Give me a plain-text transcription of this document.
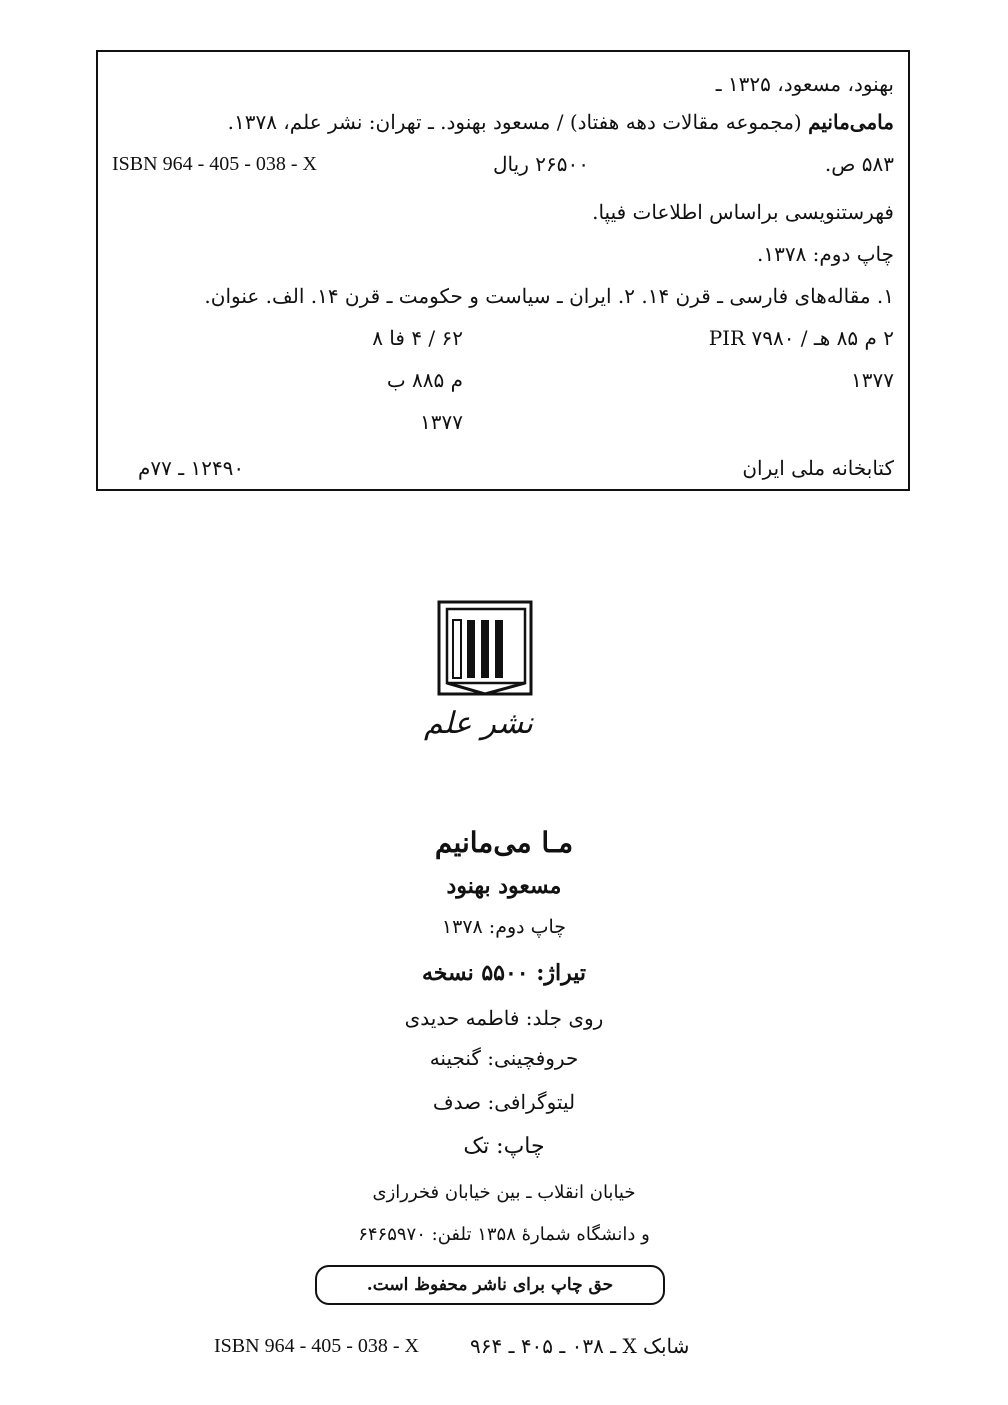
بهنود، مسعود، ۱۳۲۵ ـ
مامی‌مانیم (مجموعه مقالات دهه هفتاد) / مسعود بهنود. ـ تهران: نشر علم، ۱۳۷۸.
۵۸۳ ص.
۲۶۵۰۰ ریال
ISBN 964 - 405 - 038 - X
فهرستنویسی براساس اطلاعات فیپا.
چاپ دوم: ۱۳۷۸.
۱. مقاله‌های فارسی ـ قرن ۱۴. ۲. ایران ـ سیاست و حکومت ـ قرن ۱۴. الف. عنوان.
۲ م ۸۵ هـ / PIR ۷۹۸۰
۱۳۷۷
۶۲ / ۴ فا ۸
م ۸۸۵ ب
۱۳۷۷
کتابخانه ملی ایران
۱۲۴۹۰ ـ ۷۷م
نشر علم
مـا می‌مانیم
مسعود بهنود
چاپ دوم: ۱۳۷۸
تیراژ: ۵۵۰۰ نسخه
روی جلد: فاطمه حدیدی
حروفچینی: گنجینه
لیتوگرافی: صدف
چاپ: تک
خیابان انقلاب ـ بین خیابان فخررازی
و دانشگاه شمارهٔ ۱۳۵۸ تلفن: ۶۴۶۵۹۷۰
حق چاپ برای ناشر محفوظ است.
شابک X ـ ۰۳۸ ـ ۴۰۵ ـ ۹۶۴
ISBN 964 - 405 - 038 - X
